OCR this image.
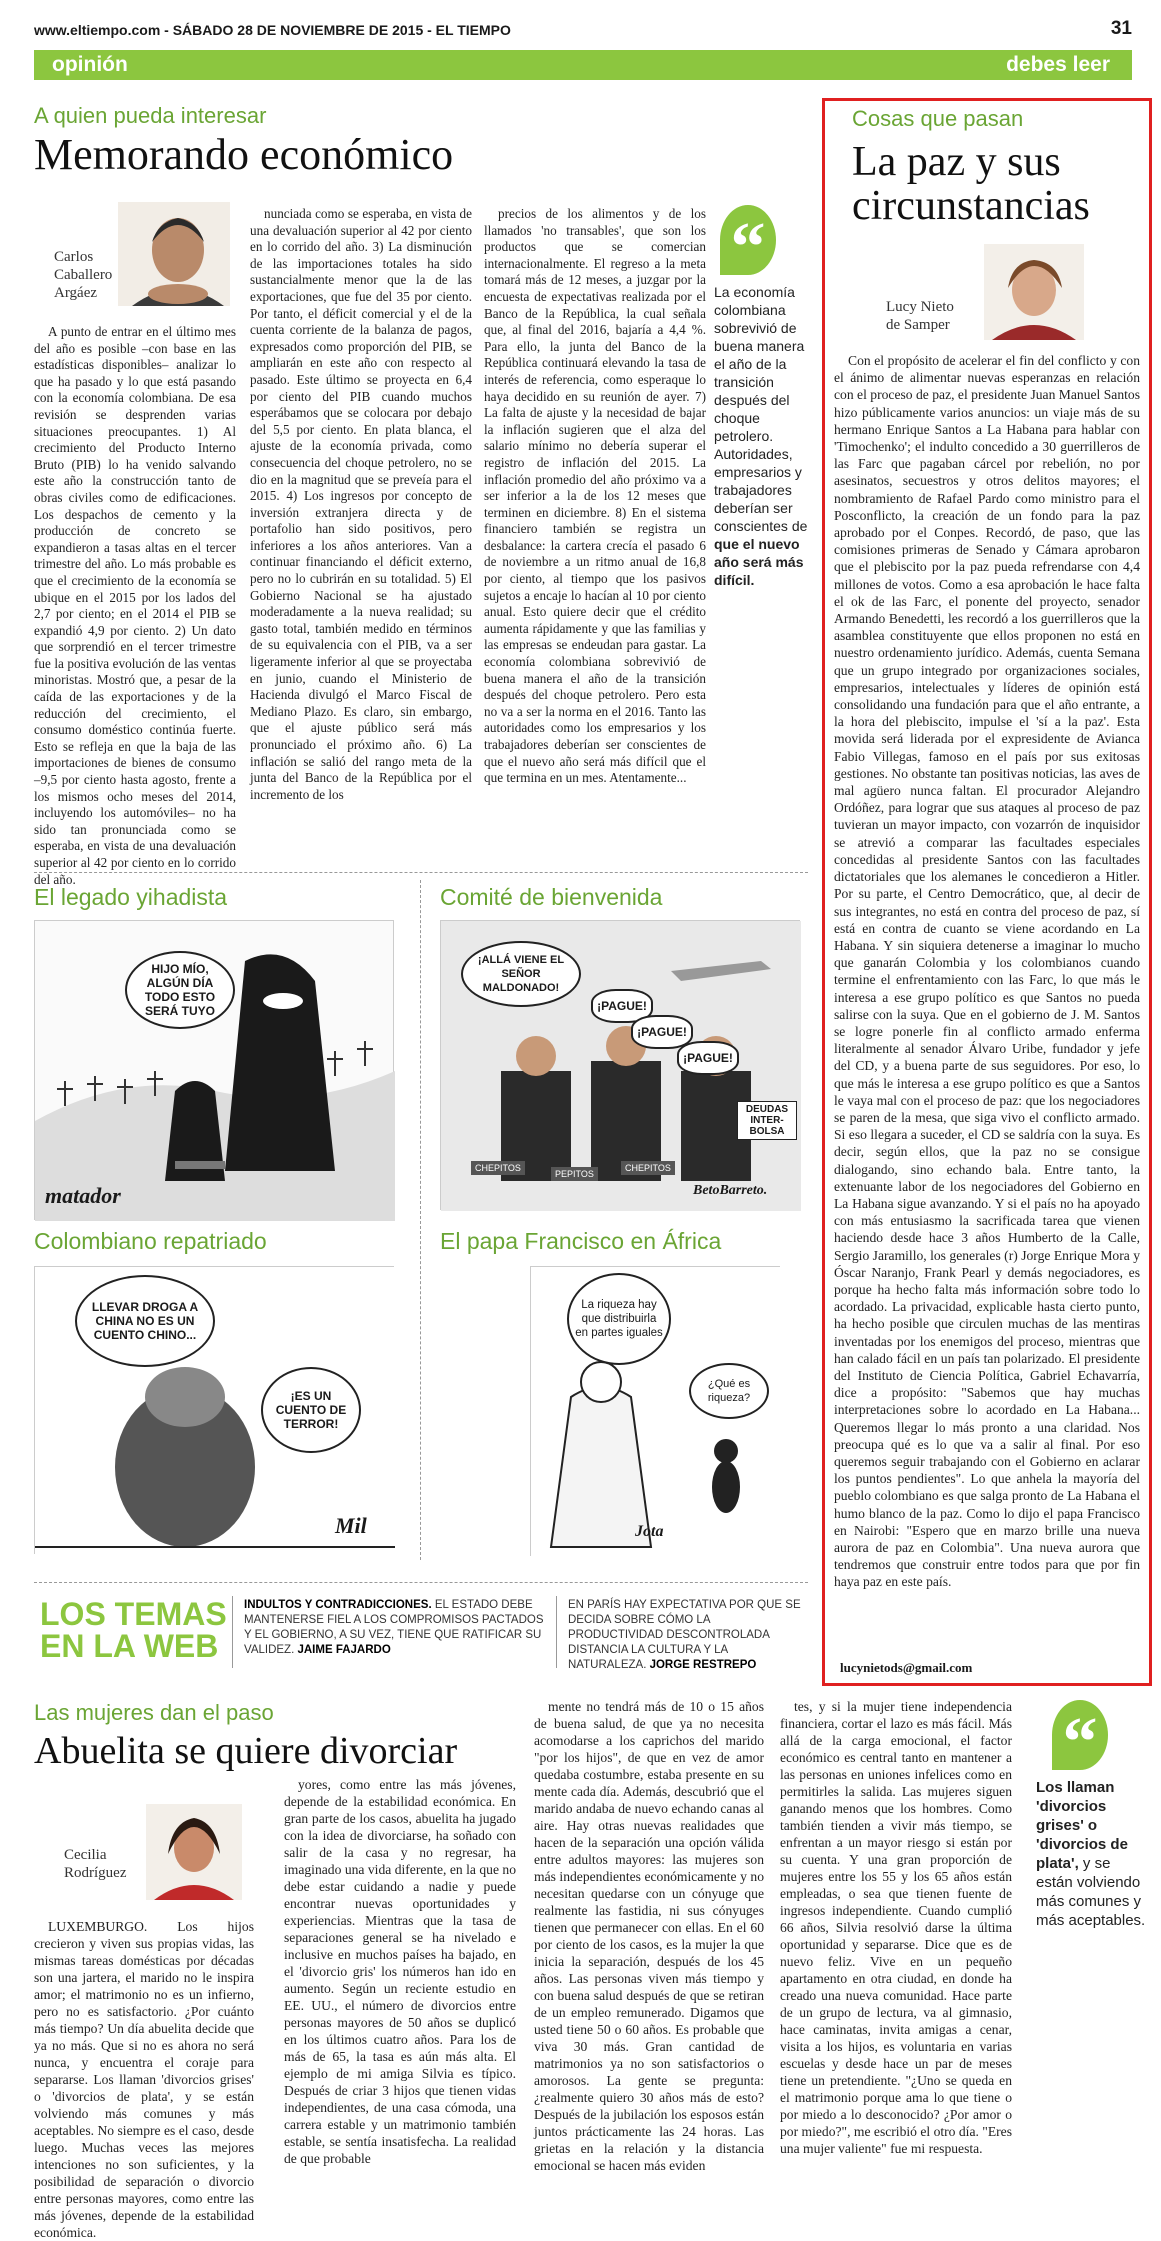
www.eltiempo.com - SÁBADO 28 DE NOVIEMBRE DE 2015 - EL TIEMPO	31
opinión	debes leer
A quien pueda interesar
Memorando económico
Carlos
Caballero Argáez

A punto de entrar en el último mes del año es posible –con base en las estadísticas disponibles– analizar lo que ha pasado y lo que está pasando con la economía colombiana. De esa revisión se desprenden varias situaciones preocupantes. 1) Al crecimiento del Producto Interno Bruto (PIB) lo ha venido salvando este año la construcción tanto de obras civiles como de edificaciones. Los despachos de cemento y la producción de concreto se expandieron a tasas altas en el tercer trimestre del año. Lo más probable es que el crecimiento de la economía se ubique en el 2015 por los lados del 2,7 por ciento; en el 2014 el PIB se expandió 4,9 por ciento. 2) Un dato que sorprendió en el tercer trimestre fue la positiva evolución de las ventas minoristas. Mostró que, a pesar de la caída de las exportaciones y de la reducción del crecimiento, el consumo doméstico continúa fuerte. Esto se refleja en que la baja de las importaciones de bienes de consumo –9,5 por ciento hasta agosto, frente a los mismos ocho meses del 2014, incluyendo los automóviles– no ha sido tan pronunciada como se esperaba, en vista de una devaluación superior al 42 por ciento en lo corrido del año.

nunciada como se esperaba, en vista de una devaluación superior al 42 por ciento en lo corrido del año. 3) La disminución de las importaciones totales ha sido sustancialmente menor que la de las exportaciones, que fue del 35 por ciento. Por tanto, el déficit comercial y el de la cuenta corriente de la balanza de pagos, expresados como proporción del PIB, se ampliarán en este año con respecto al pasado. Este último se proyecta en 6,4 por ciento del PIB cuando muchos esperábamos que se colocara por debajo del 5,5 por ciento. En plata blanca, el ajuste de la economía privada, como consecuencia del choque petrolero, no se dio en la magnitud que se preveía para el 2015. 4) Los ingresos por concepto de inversión extranjera directa y de portafolio han sido positivos, pero inferiores a los años anteriores. Van a continuar financiando el déficit externo, pero no lo cubrirán en su totalidad. 5) El Gobierno Nacional se ha ajustado moderadamente a la nueva realidad; su gasto total, también medido en términos de su equivalencia con el PIB, va a ser ligeramente inferior al que se proyectaba en junio, cuando el Ministerio de Hacienda divulgó el Marco Fiscal de Mediano Plazo. Es claro, sin embargo, que el ajuste público será más pronunciado el próximo año. 6) La inflación se salió del rango meta de la junta del Banco de la República por el incremento de los

precios de los alimentos y de los llamados 'no transables', que son los productos que se comercian internacionalmente. El regreso a la meta tomará más de 12 meses, a juzgar por la encuesta de expectativas realizada por el Banco de la República, la cual señala que, al final del 2016, bajaría a 4,4 %. Para ello, la junta del Banco de la República continuará elevando la tasa de interés de referencia, como esperaque lo haya decidido en su reunión de ayer. 7) La falta de ajuste y la necesidad de bajar la inflación sugieren que el alza del salario mínimo no debería superar el registro de inflación del 2015. La inflación promedio del año próximo va a ser inferior a la de los 12 meses que terminen en diciembre. 8) En el sistema financiero también se registra un desbalance: la cartera crecía el pasado 6 de noviembre a un ritmo anual de 16,8 por ciento, al tiempo que los pasivos sujetos a encaje lo hacían al 10 por ciento anual. Esto quiere decir que el crédito aumenta rápidamente y que las familias y las empresas se endeudan para gastar. La economía colombiana sobrevivió de buena manera el año de la transición después del choque petrolero. Pero esta no va a ser la norma en el 2016. Tanto las autoridades como los empresarios y los trabajadores deberían ser conscientes de que el nuevo año será más difícil que el que termina en un mes. Atentamente...

“
La economía colombiana sobrevivió de buena manera el año de la transición después del choque petrolero. Autoridades, empresarios y trabajadores deberían ser conscientes de que el nuevo año será más difícil.
El legado yihadista
HIJO MÍO, ALGÚN DÍA TODO ESTO SERÁ TUYO
matador
Comité de bienvenida
¡ALLÁ VIENE EL SEÑOR MALDONADO!
¡PAGUE!
¡PAGUE!
¡PAGUE!
DEUDAS INTER-BOLSA
CHEPITOS
PEPITOS
CHEPITOS
BetoBarreto.
Colombiano repatriado
LLEVAR DROGA A CHINA NO ES UN CUENTO CHINO...
¡ES UN CUENTO DE TERROR!
Mil
El papa Francisco en África
La riqueza hay que distribuirla en partes iguales
¿Qué es riqueza?
Jota
LOS TEMAS
EN LA WEB
INDULTOS Y CONTRADICCIONES. EL ESTADO DEBE MANTENERSE FIEL A LOS COMPROMISOS PACTADOS Y EL GOBIERNO, A SU VEZ, TIENE QUE RATIFICAR SU VALIDEZ. JAIME FAJARDO
EN PARÍS HAY EXPECTATIVA POR QUE SE DECIDA SOBRE CÓMO LA PRODUCTIVIDAD DESCONTROLADA DISTANCIA LA CULTURA Y LA NATURALEZA. JORGE RESTREPO
Cosas que pasan
La paz y sus circunstancias
Lucy Nieto
de Samper

Con el propósito de acelerar el fin del conflicto y con el ánimo de alimentar nuevas esperanzas en relación con el proceso de paz, el presidente Juan Manuel Santos hizo públicamente varios anuncios: un viaje más de su hermano Enrique Santos a La Habana para hablar con 'Timochenko'; el indulto concedido a 30 guerrilleros de las Farc que pagaban cárcel por rebelión, no por asesinatos, secuestros y otros delitos mayores; el nombramiento de Rafael Pardo como ministro para el Posconflicto, la creación de un fondo para la paz aprobado por el Conpes. Recordó, de paso, que las comisiones primeras de Senado y Cámara aprobaron que el plebiscito por la paz pueda refrendarse con 4,4 millones de votos. Como a esa aprobación le hace falta el ok de las Farc, el ponente del proyecto, senador Armando Benedetti, les recordó a los guerrilleros que la asamblea constituyente que ellos proponen no está en nuestro ordenamiento jurídico. Además, cuenta Semana que un grupo integrado por organizaciones sociales, empresarios, intelectuales y líderes de opinión está consolidando una fundación para que el año entrante, a la hora del plebiscito, impulse el 'sí a la paz'. Esta movida será liderada por el expresidente de Avianca Fabio Villegas, famoso en el país por sus exitosas gestiones. No obstante tan positivas noticias, las aves de mal agüero nunca faltan. El procurador Alejandro Ordóñez, para lograr que sus ataques al proceso de paz tuvieran un mayor impacto, con vozarrón de inquisidor se atrevió a comparar las facultades especiales concedidas al presidente Santos con las facultades dictatoriales que los alemanes le concedieron a Hitler. Por su parte, el Centro Democrático, que, al decir de sus integrantes, no está en contra del proceso de paz, sí está en contra de cuanto se viene acordando en La Habana. Y sin siquiera detenerse a imaginar lo mucho que ganarán Colombia y los colombianos cuando termine el enfrentamiento con las Farc, lo que más le interesa a ese grupo político es que Santos no pueda salirse con la suya. Que en el gobierno de J. M. Santos se logre ponerle fin al conflicto armado enferma literalmente al senador Álvaro Uribe, fundador y jefe del CD, y a buena parte de sus seguidores. Por eso, lo que más le interesa a ese grupo político es que a Santos le vaya mal con el proceso de paz: que los negociadores se paren de la mesa, que siga vivo el conflicto armado. Si eso llegara a suceder, el CD se saldría con la suya. Es decir, según ellos, que la paz no se consigue dialogando, sino echando bala. Entre tanto, la extenuante labor de los negociadores del Gobierno en La Habana sigue avanzando. Y si el país no ha apoyado con más entusiasmo la sacrificada tarea que vienen haciendo desde hace 3 años Humberto de la Calle, Sergio Jaramillo, los generales (r) Jorge Enrique Mora y Óscar Naranjo, Frank Pearl y demás negociadores, es porque ha hecho falta más información sobre todo lo acordado. La privacidad, explicable hasta cierto punto, ha hecho posible que circulen muchas de las mentiras inventadas por los enemigos del proceso, mientras que han calado fácil en un país tan polarizado. El presidente del Instituto de Ciencia Política, Gabriel Echavarría, dice a propósito: "Sabemos que hay muchas interpretaciones sobre lo acordado en La Habana... Queremos llegar lo más pronto a una claridad. Nos preocupa qué es lo que va a salir al final. Por eso queremos seguir trabajando con el Gobierno en aclarar los puntos pendientes". Lo que anhela la mayoría del pueblo colombiano es que salga pronto de La Habana el humo blanco de la paz. Como lo dijo el papa Francisco en Nairobi: "Espero que en marzo brille una nueva aurora de paz en Colombia". Una nueva aurora que tendremos que construir entre todos para que por fin haya paz en este país.

lucynietods@gmail.com
Las mujeres dan el paso
Abuelita se quiere divorciar
Cecilia
Rodríguez

LUXEMBURGO. Los hijos crecieron y viven sus propias vidas, las mismas tareas domésticas por décadas son una jartera, el marido no le inspira amor; el matrimonio no es un infierno, pero no es satisfactorio. ¿Por cuánto más tiempo? Un día abuelita decide que ya no más. Que si no es ahora no será nunca, y encuentra el coraje para separarse. Los llaman 'divorcios grises' o 'divorcios de plata', y se están volviendo más comunes y más aceptables. No siempre es el caso, desde luego. Muchas veces las mejores intenciones no son suficientes, y la posibilidad de separación o divorcio entre personas mayores, como entre las más jóvenes, depende de la estabilidad económica.

yores, como entre las más jóvenes, depende de la estabilidad económica. En gran parte de los casos, abuelita ha jugado con la idea de divorciarse, ha soñado con salir de la casa y no regresar, ha imaginado una vida diferente, en la que no debe estar cuidando a nadie y puede encontrar nuevas oportunidades y experiencias. Mientras que la tasa de separaciones general se ha nivelado e inclusive en muchos países ha bajado, en el 'divorcio gris' los números han ido en aumento. Según un reciente estudio en EE. UU., el número de divorcios entre personas mayores de 50 años se duplicó en los últimos cuatro años. Para los de más de 65, la tasa es aún más alta. El ejemplo de mi amiga Silvia es típico. Después de criar 3 hijos que tienen vidas independientes, de una casa cómoda, una carrera estable y un matrimonio también estable, se sentía insatisfecha. La realidad de que probable

mente no tendrá más de 10 o 15 años de buena salud, de que ya no necesita acomodarse a los caprichos del marido "por los hijos", de que en vez de amor quedaba costumbre, estaba presente en su mente cada día. Además, descubrió que el marido andaba de nuevo echando canas al aire. Hay otras nuevas realidades que hacen de la separación una opción válida entre adultos mayores: las mujeres son más independientes económicamente y no necesitan quedarse con un cónyuge que realmente las fastidia, ni sus cónyuges tienen que permanecer con ellas. En el 60 por ciento de los casos, es la mujer la que inicia la separación, después de los 45 años. Las personas viven más tiempo y con buena salud después de que se retiran de un empleo remunerado. Digamos que usted tiene 50 o 60 años. Es probable que viva 30 más. Gran cantidad de matrimonios ya no son satisfactorios o amorosos. La gente se pregunta: ¿realmente quiero 30 años más de esto? Después de la jubilación los esposos están juntos prácticamente las 24 horas. Las grietas en la relación y la distancia emocional se hacen más eviden

tes, y si la mujer tiene independencia financiera, cortar el lazo es más fácil. Más allá de la carga emocional, el factor económico es central tanto en mantener a las personas en uniones infelices como en permitirles la salida. Las mujeres siguen ganando menos que los hombres. Como también tienden a vivir más tiempo, se enfrentan a un mayor riesgo si están por su cuenta. Y una gran proporción de mujeres entre los 55 y los 65 años están empleadas, o sea que tienen fuente de ingresos independiente. Cuando cumplió 66 años, Silvia resolvió darse la última oportunidad y separarse. Dice que es de nuevo feliz. Vive en un pequeño apartamento en otra ciudad, en donde ha creado una nueva comunidad. Hace parte de un grupo de lectura, va al gimnasio, hace caminatas, invita amigas a cenar, visita a los hijos, es voluntaria en varias escuelas y desde hace un par de meses tiene un pretendiente. "¿Uno se queda en el matrimonio porque ama lo que tiene o por miedo a lo desconocido? ¿Por amor o por miedo?", me escribió el otro día. "Eres una mujer valiente" fue mi respuesta.

“
Los llaman 'divorcios grises' o 'divorcios de plata', y se están volviendo más comunes y más aceptables.
